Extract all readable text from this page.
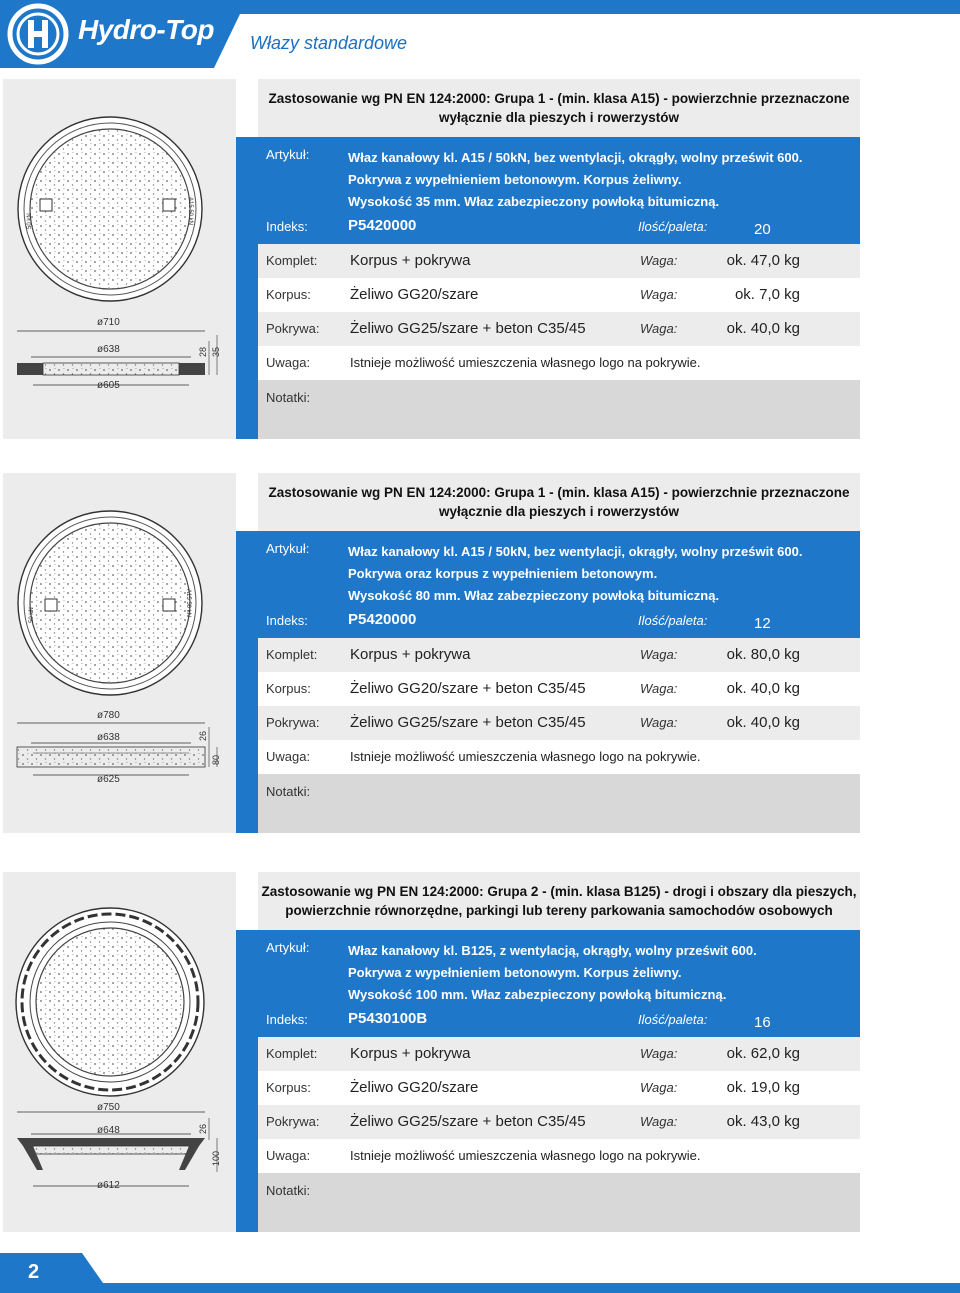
Hydro-Top Włazy standardowe
50 kN	A15 50 kN
ø710
ø638
ø605
28 35
Zastosowanie wg PN EN 124:2000: Grupa 1 - (min. klasa A15) - powierzchnie przeznaczone
wyłącznie dla pieszych i rowerzystów
Artykuł:	Właz kanałowy kl. A15 / 50kN, bez wentylacji, okrągły, wolny prześwit 600.
Pokrywa z wypełnieniem betonowym. Korpus żeliwny.
Wysokość 35 mm. Właz zabezpieczony powłoką bitumiczną.
Indeks:	P5420000	Ilość/paleta:	20
Komplet: Korpus + pokrywa	Waga:	ok. 47,0 kg
Korpus:	Żeliwo GG20/szare	Waga:	ok. 7,0 kg
Pokrywa: Żeliwo GG25/szare + beton C35/45	Waga:	ok. 40,0 kg
Uwaga:	Istnieje możliwość umieszczenia własnego logo na pokrywie.
Notatki:
50 kN	A15 50 kN
ø780
ø638
ø625
26
80
Zastosowanie wg PN EN 124:2000: Grupa 1 - (min. klasa A15) - powierzchnie przeznaczone
wyłącznie dla pieszych i rowerzystów
Artykuł:	Właz kanałowy kl. A15 / 50kN, bez wentylacji, okrągły, wolny prześwit 600.
Pokrywa oraz korpus z wypełnieniem betonowym.
Wysokość 80 mm. Właz zabezpieczony powłoką bitumiczną.
Indeks:	P5420000	Ilość/paleta:	12
Komplet: Korpus + pokrywa	Waga:	ok. 80,0 kg
Korpus:	Żeliwo GG20/szare + beton C35/45	Waga:	ok. 40,0 kg
Pokrywa: Żeliwo GG25/szare + beton C35/45	Waga:	ok. 40,0 kg
Uwaga:	Istnieje możliwość umieszczenia własnego logo na pokrywie.
Notatki:
ø750
ø648
ø612
26
100
Zastosowanie wg PN EN 124:2000: Grupa 2 - (min. klasa B125) - drogi i obszary dla pieszych,
powierzchnie równorzędne, parkingi lub tereny parkowania samochodów osobowych
Artykuł:	Właz kanałowy kl. B125, z wentylacją, okrągły, wolny prześwit 600.
Pokrywa z wypełnieniem betonowym. Korpus żeliwny.
Wysokość 100 mm. Właz zabezpieczony powłoką bitumiczną.
Indeks:	P5430100B	Ilość/paleta:	16
Komplet: Korpus + pokrywa	Waga:	ok. 62,0 kg
Korpus:	Żeliwo GG20/szare	Waga:	ok. 19,0 kg
Pokrywa: Żeliwo GG25/szare + beton C35/45	Waga:	ok. 43,0 kg
Uwaga:	Istnieje możliwość umieszczenia własnego logo na pokrywie.
Notatki:
2
